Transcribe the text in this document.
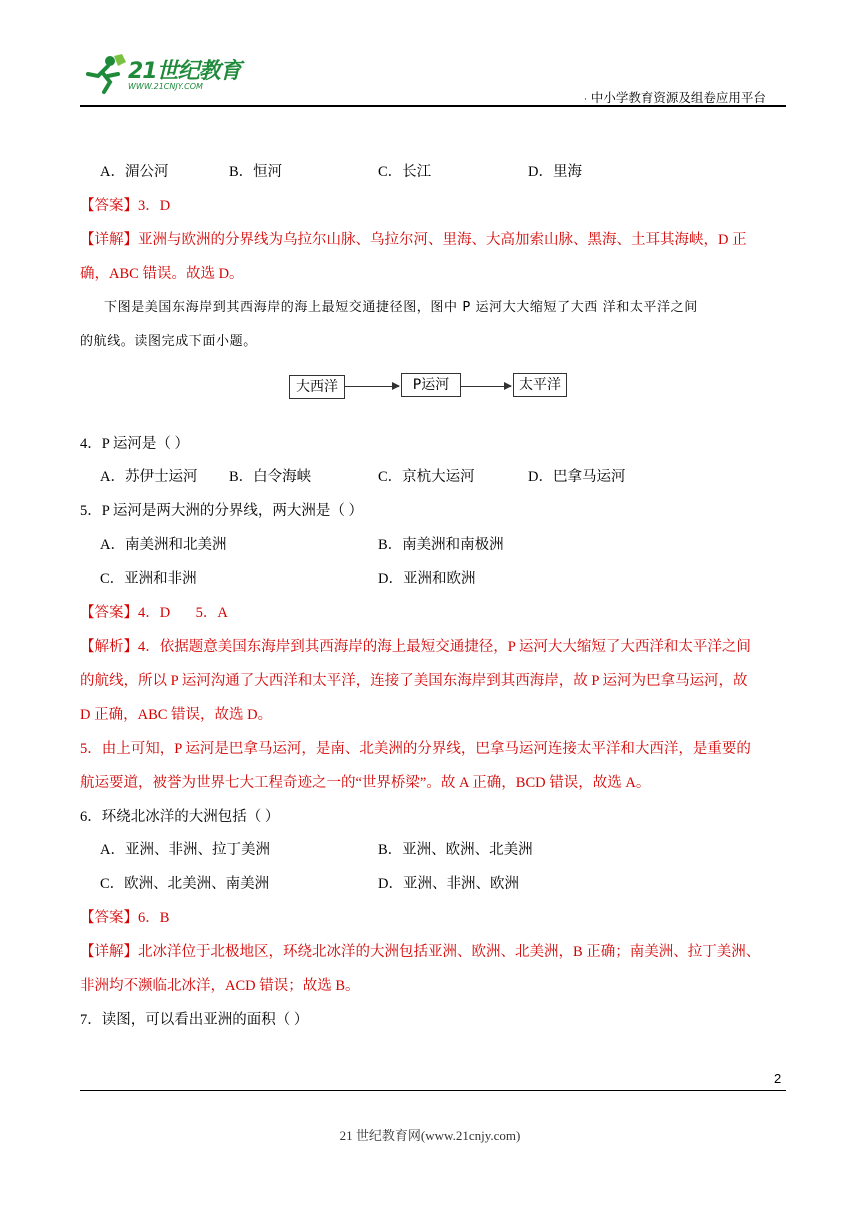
21世纪教育
WWW.21CNJY.COM
· 中小学教育资源及组卷应用平台
A．湄公河	B．恒河	C．长江	D．里海
【答案】3．D
【详解】亚洲与欧洲的分界线为乌拉尔山脉、乌拉尔河、里海、大高加索山脉、黑海、土耳其海峡，D 正
确，ABC 错误。故选 D。
下图是美国东海岸到其西海岸的海上最短交通捷径图，图中 P 运河大大缩短了大西 洋和太平洋之间
的航线。读图完成下面小题。
大西洋	P运河	太平洋
4．P 运河是（ ）
A．苏伊士运河 B．白令海峡	C．京杭大运河	D．巴拿马运河
5．P 运河是两大洲的分界线，两大洲是（ ）
A．南美洲和北美洲	B．南美洲和南极洲
C．亚洲和非洲	D．亚洲和欧洲
【答案】4．D       5．A
【解析】4．依据题意美国东海岸到其西海岸的海上最短交通捷径，P 运河大大缩短了大西洋和太平洋之间
的航线，所以 P 运河沟通了大西洋和太平洋，连接了美国东海岸到其西海岸，故 P 运河为巴拿马运河，故
D 正确，ABC 错误，故选 D。
5．由上可知，P 运河是巴拿马运河，是南、北美洲的分界线，巴拿马运河连接太平洋和大西洋，是重要的
航运要道，被誉为世界七大工程奇迹之一的“世界桥梁”。故 A 正确，BCD 错误，故选 A。
6．环绕北冰洋的大洲包括（ ）
A．亚洲、非洲、拉丁美洲	B．亚洲、欧洲、北美洲
C．欧洲、北美洲、南美洲	D．亚洲、非洲、欧洲
【答案】6．B
【详解】北冰洋位于北极地区，环绕北冰洋的大洲包括亚洲、欧洲、北美洲，B 正确；南美洲、拉丁美洲、
非洲均不濒临北冰洋，ACD 错误；故选 B。
7．读图，可以看出亚洲的面积（ ）
2
21 世纪教育网(www.21cnjy.com)
